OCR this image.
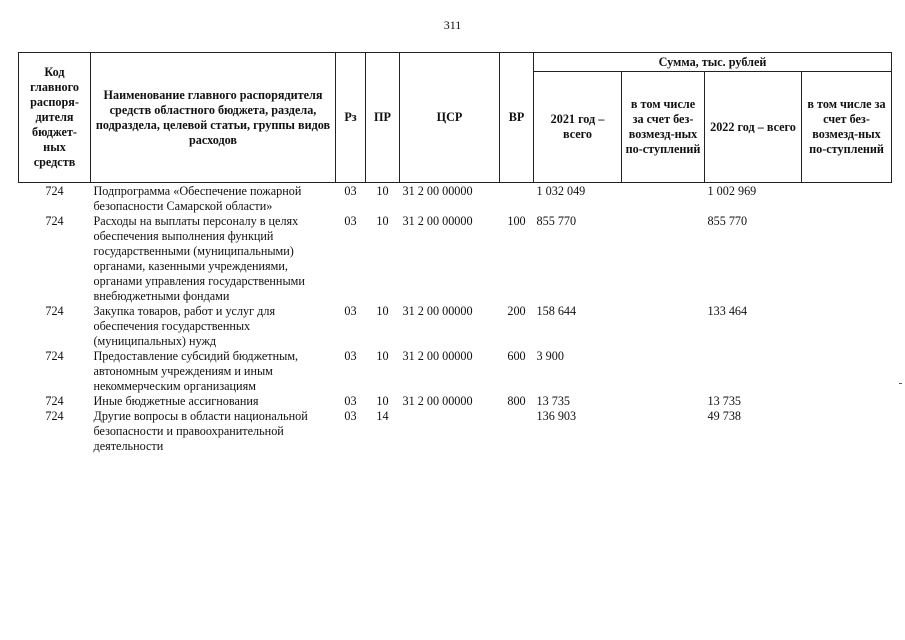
311
Код главного распоря-дителя бюджет-ных средств	Наименование главного распорядителя средств областного бюджета, раздела, подраздела, целевой статьи, группы видов расходов	Рз	ПР	ЦСР	ВР	Сумма, тыс. рублей			
						2021 год – всего	в том числе за счет без-возмезд-ных по-ступлений	2022 год – всего	в том числе за счет без-возмезд-ных по-ступлений
724	Подпрограмма «Обеспечение пожарной безопасности Самарской области»	03	10	31 2 00 00000		1 032 049		1 002 969	
724	Расходы на выплаты персоналу в целях обеспечения выполнения функций государственными (муниципальными) органами, казенными учреждениями, органами управления государственными внебюджетными фондами	03	10	31 2 00 00000	100	855 770		855 770	
724	Закупка товаров, работ и услуг для обеспечения государственных (муниципальных) нужд	03	10	31 2 00 00000	200	158 644		133 464	
724	Предоставление субсидий бюджетным, автономным учреждениям и иным некоммерческим организациям	03	10	31 2 00 00000	600	3 900			
724	Иные бюджетные ассигнования	03	10	31 2 00 00000	800	13 735		13 735	
724	Другие вопросы в области национальной безопасности и правоохранительной деятельности	03	14			136 903		49 738	
